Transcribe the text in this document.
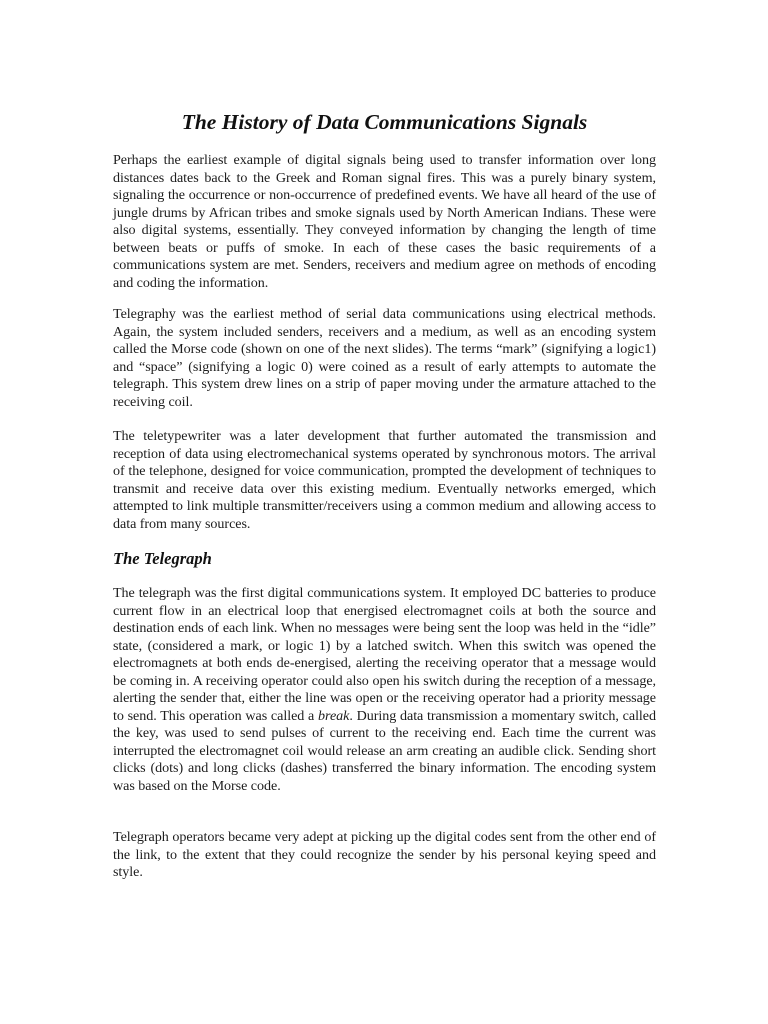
The History of Data Communications Signals

Perhaps the earliest example of digital signals being used to transfer information over long distances dates back to the Greek and Roman signal fires. This was a purely binary system, signaling the occurrence or non-occurrence of predefined events. We have all heard of the use of jungle drums by African tribes and smoke signals used by North American Indians. These were also digital systems, essentially. They conveyed information by changing the length of time between beats or puffs of smoke. In each of these cases the basic requirements of a communications system are met. Senders, receivers and medium agree on methods of encoding and coding the information.

Telegraphy was the earliest method of serial data communications using electrical methods. Again, the system included senders, receivers and a medium, as well as an encoding system called the Morse code (shown on one of the next slides). The terms “mark” (signifying a logic1) and “space” (signifying a logic 0) were coined as a result of early attempts to automate the telegraph. This system drew lines on a strip of paper moving under the armature attached to the receiving coil.

The teletypewriter was a later development that further automated the transmission and reception of data using electromechanical systems operated by synchronous motors. The arrival of the telephone, designed for voice communication, prompted the development of techniques to transmit and receive data over this existing medium. Eventually networks emerged, which attempted to link multiple transmitter/receivers using a common medium and allowing access to data from many sources.

The Telegraph

The telegraph was the first digital communications system. It employed DC batteries to produce current flow in an electrical loop that energised electromagnet coils at both the source and destination ends of each link. When no messages were being sent the loop was held in the “idle” state, (considered a mark, or logic 1) by a latched switch. When this switch was opened the electromagnets at both ends de-energised, alerting the receiving operator that a message would be coming in. A receiving operator could also open his switch during the reception of a message, alerting the sender that, either the line was open or the receiving operator had a priority message to send. This operation was called a break. During data transmission a momentary switch, called the key, was used to send pulses of current to the receiving end. Each time the current was interrupted the electromagnet coil would release an arm creating an audible click. Sending short clicks (dots) and long clicks (dashes) transferred the binary information. The encoding system was based on the Morse code.

Telegraph operators became very adept at picking up the digital codes sent from the other end of the link, to the extent that they could recognize the sender by his personal keying speed and style.
